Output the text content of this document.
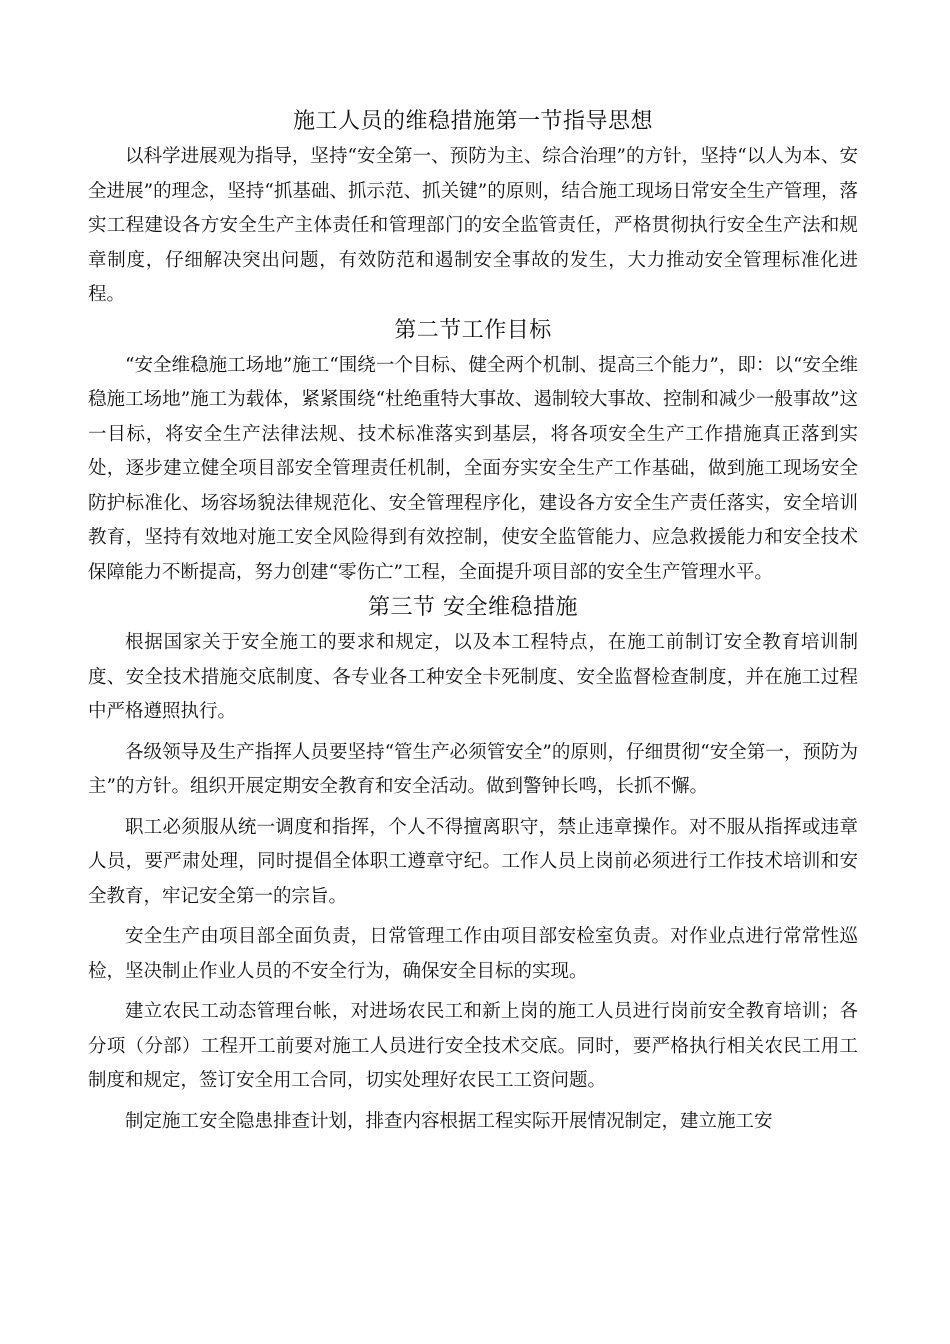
施工人员的维稳措施第一节指导思想

以科学进展观为指导，坚持“安全第一、预防为主、综合治理”的方针，坚持“以人为本、安全进展”的理念，坚持“抓基础、抓示范、抓关键”的原则，结合施工现场日常安全生产管理，落实工程建设各方安全生产主体责任和管理部门的安全监管责任，严格贯彻执行安全生产法和规章制度，仔细解决突出问题，有效防范和遏制安全事故的发生，大力推动安全管理标准化进程。

第二节工作目标

“安全维稳施工场地”施工“围绕一个目标、健全两个机制、提高三个能力”，即：以“安全维稳施工场地”施工为载体，紧紧围绕“杜绝重特大事故、遏制较大事故、控制和减少一般事故”这一目标，将安全生产法律法规、技术标准落实到基层，将各项安全生产工作措施真正落到实处，逐步建立健全项目部安全管理责任机制，全面夯实安全生产工作基础，做到施工现场安全防护标准化、场容场貌法律规范化、安全管理程序化，建设各方安全生产责任落实，安全培训教育，坚持有效地对施工安全风险得到有效控制，使安全监管能力、应急救援能力和安全技术保障能力不断提高，努力创建“零伤亡”工程，全面提升项目部的安全生产管理水平。

第三节 安全维稳措施

根据国家关于安全施工的要求和规定，以及本工程特点，在施工前制订安全教育培训制度、安全技术措施交底制度、各专业各工种安全卡死制度、安全监督检查制度，并在施工过程中严格遵照执行。

各级领导及生产指挥人员要坚持“管生产必须管安全”的原则，仔细贯彻“安全第一，预防为主”的方针。组织开展定期安全教育和安全活动。做到警钟长鸣，长抓不懈。

职工必须服从统一调度和指挥，个人不得擅离职守，禁止违章操作。对不服从指挥或违章人员，要严肃处理，同时提倡全体职工遵章守纪。工作人员上岗前必须进行工作技术培训和安全教育，牢记安全第一的宗旨。

安全生产由项目部全面负责，日常管理工作由项目部安检室负责。对作业点进行常常性巡检，坚决制止作业人员的不安全行为，确保安全目标的实现。

建立农民工动态管理台帐，对进场农民工和新上岗的施工人员进行岗前安全教育培训；各分项（分部）工程开工前要对施工人员进行安全技术交底。同时，要严格执行相关农民工用工制度和规定，签订安全用工合同，切实处理好农民工工资问题。

制定施工安全隐患排查计划，排查内容根据工程实际开展情况制定，建立施工安
